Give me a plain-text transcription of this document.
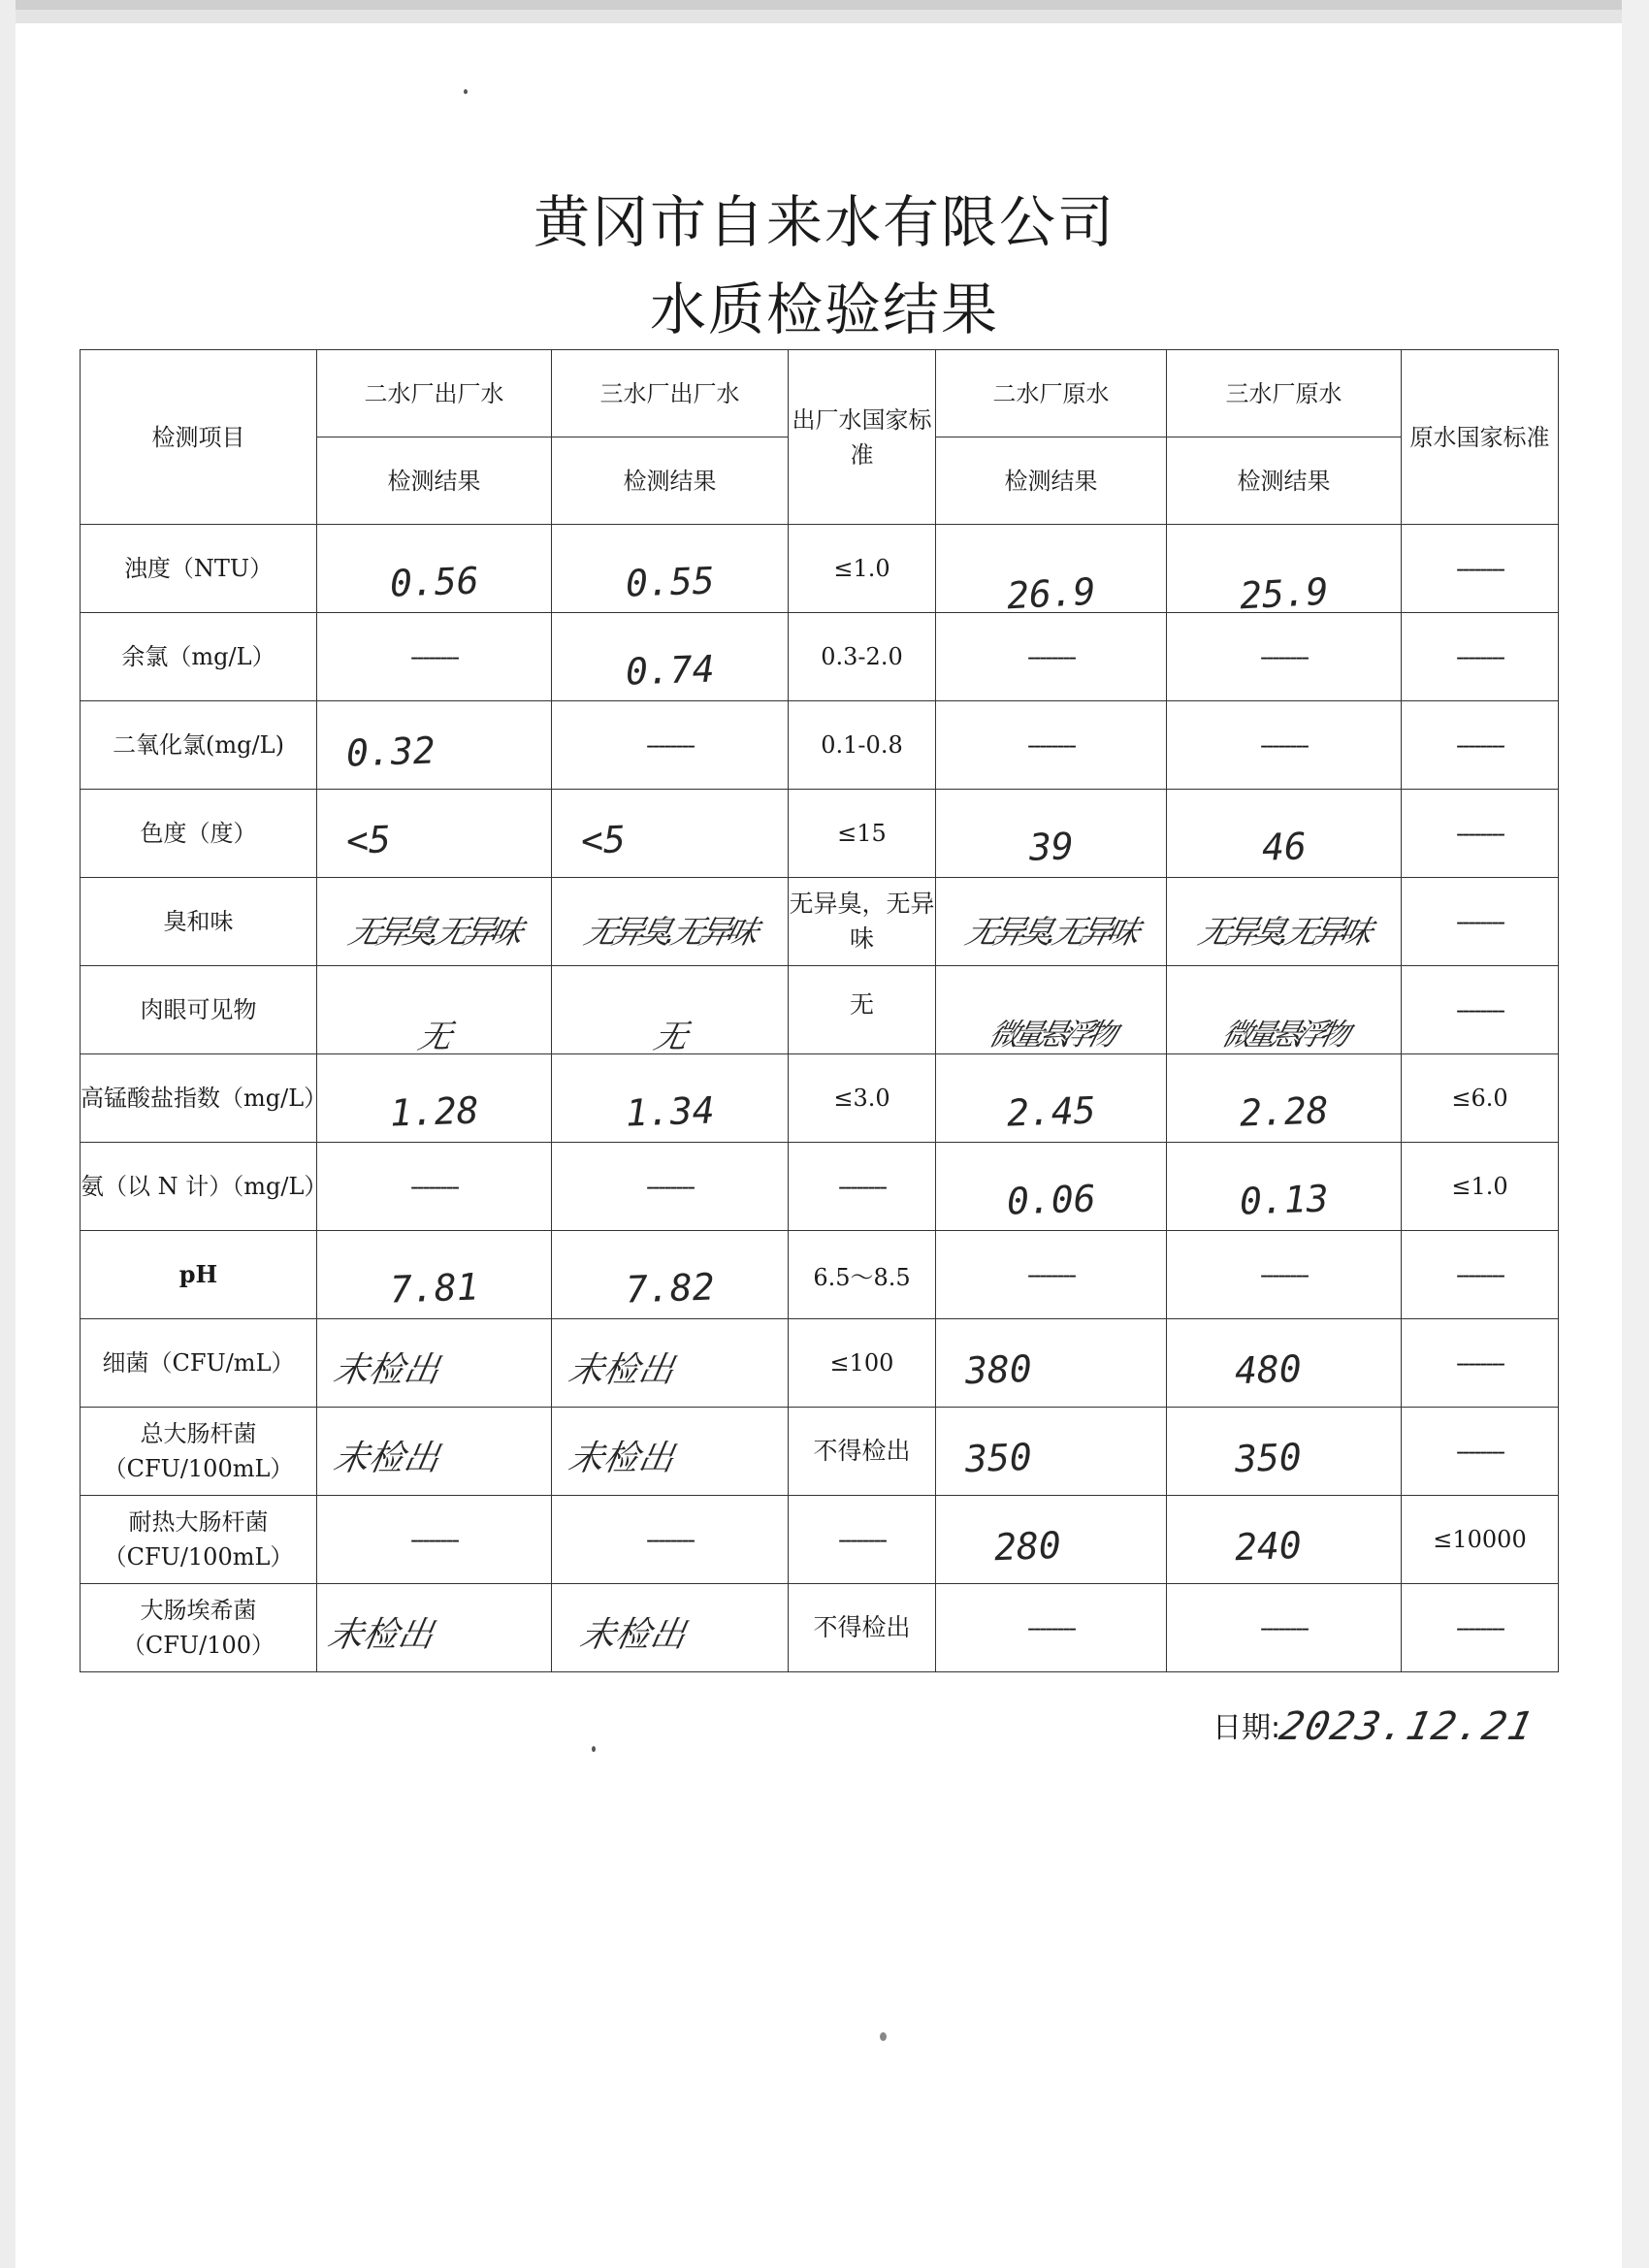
黄冈市自来水有限公司
水质检验结果
检测项目	二水厂出厂水	三水厂出厂水	出厂水国家标准	二水厂原水	三水厂原水	原水国家标准
	检测结果	检测结果		检测结果	检测结果	
浊度（NTU）	0.56	0.55	≤1.0	26.9	25.9	--------
余氯（mg/L）	--------	0.74	0.3-2.0	--------	--------	--------
二氧化氯(mg/L)	0.32	--------	0.1-0.8	--------	--------	--------
色度（度）	<5	<5	≤15	39	46	--------
臭和味	无异臭.无异味	无异臭.无异味	无异臭，无异味	无异臭.无异味	无异臭.无异味	--------
肉眼可见物	无	无	无	微量悬浮物	微量悬浮物	--------
高锰酸盐指数（mg/L）	1.28	1.34	≤3.0	2.45	2.28	≤6.0
氨（以 N 计）（mg/L）	--------	--------	--------	0.06	0.13	≤1.0
pH	7.81	7.82	6.5～8.5	--------	--------	--------
细菌（CFU/mL）	未检出	未检出	≤100	380	480	--------
总大肠杆菌（CFU/100mL）	未检出	未检出	不得检出	350	350	--------
耐热大肠杆菌（CFU/100mL）	--------	--------	--------	280	240	≤10000
大肠埃希菌（CFU/100）	未检出	未检出	不得检出	--------	--------	--------
日期:2023.12.21
